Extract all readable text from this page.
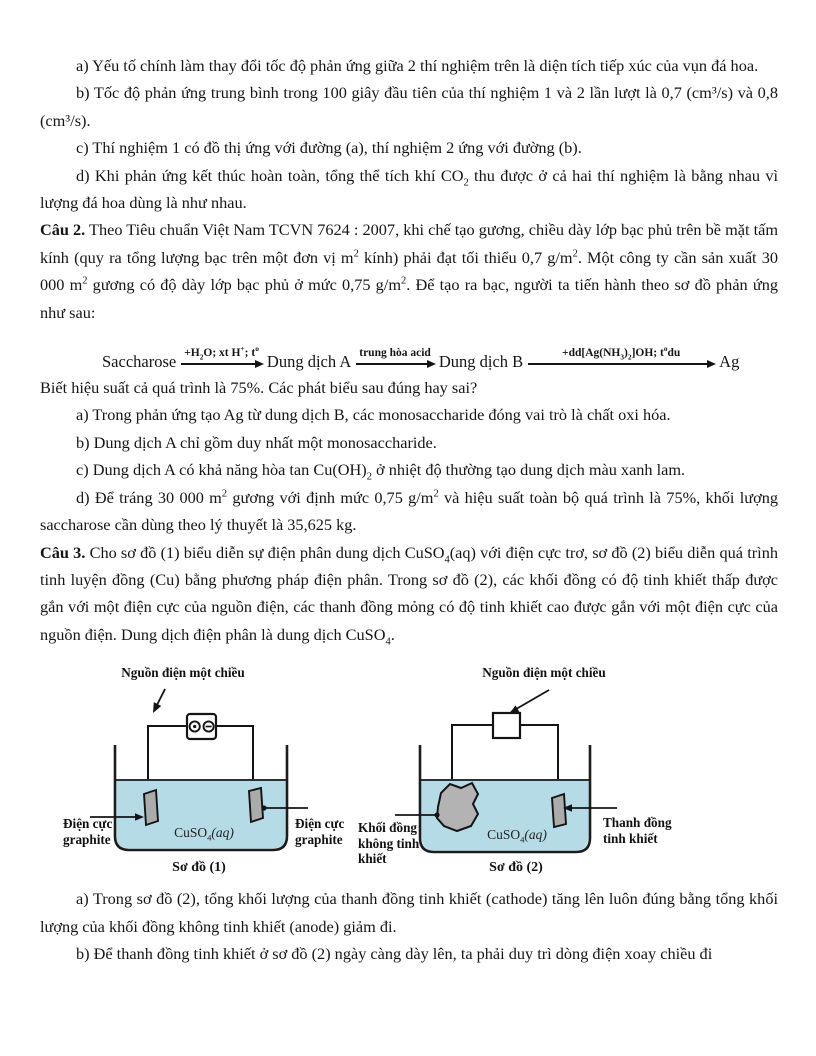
a) Yếu tố chính làm thay đổi tốc độ phản ứng giữa 2 thí nghiệm trên là diện tích tiếp xúc của vụn đá hoa.

b) Tốc độ phản ứng trung bình trong 100 giây đầu tiên của thí nghiệm 1 và 2 lần lượt là 0,7 (cm³/s) và 0,8 (cm³/s).

c) Thí nghiệm 1 có đồ thị ứng với đường (a), thí nghiệm 2 ứng với đường (b).

d) Khi phản ứng kết thúc hoàn toàn, tổng thể tích khí $CO_2$ thu được ở cả hai thí nghiệm là bằng nhau vì lượng đá hoa dùng là như nhau.

Câu 2. Theo Tiêu chuẩn Việt Nam TCVN 7624 : 2007, khi chế tạo gương, chiều dày lớp bạc phủ trên bề mặt tấm kính (quy ra tổng lượng bạc trên một đơn vị $m^2$ kính) phải đạt tối thiểu 0,7 $g/m^2$. Một công ty cần sản xuất 30 000 $m^2$ gương có độ dày lớp bạc phủ ở mức 0,75 $g/m^2$. Để tạo ra bạc, người ta tiến hành theo sơ đồ phản ứng như sau:

Saccharose $+H_2O$; xt H+; $t^o$
Dung dịch A trung hòa acid Dung dịch B	$+dd[Ag(NH_3)_2]OH$; $t^odu$ Ag

Biết hiệu suất cả quá trình là 75%. Các phát biểu sau đúng hay sai?

a) Trong phản ứng tạo Ag từ dung dịch B, các monosaccharide đóng vai trò là chất oxi hóa.

b) Dung dịch A chỉ gồm duy nhất một monosaccharide.

c) Dung dịch A có khả năng hòa $\tan Cu(OH)_2$ ở nhiệt độ thường tạo dung dịch màu xanh lam.

d) Để tráng 30 000 $m^2$ gương với định mức 0,75 $g/m^2$ và hiệu suất toàn bộ quá trình là 75%, khối lượng saccharose cần dùng theo lý thuyết là 35,625 kg.

Câu 3. Cho sơ đồ (1) biểu diễn sự điện phân dung dịch CuSO$_4$(aq) với điện cực trơ, sơ đồ (2) biểu diễn quá trình tinh luyện đồng (Cu) bằng phương pháp điện phân. Trong sơ đồ (2), các khối đồng có độ tinh khiết thấp được gắn với một điện cực của nguồn điện, các thanh đồng mỏng có độ tinh khiết cao được gắn với một điện cực của nguồn điện. Dung dịch điện phân là dung dịch CuSO$_4$.

Nguồn điện một chiều
Điện cực
graphite
Điện cực
graphite
CuSO$_4$(aq)
Sơ đồ (1)
Nguồn điện một chiều
Khối đồng
không tinh
khiết
Thanh đồng
tinh khiết
CuSO$_4$(aq)
Sơ đồ (2)

a) Trong sơ đồ (2), tổng khối lượng của thanh đồng tinh khiết (cathode) tăng lên luôn đúng bằng tổng khối lượng của khối đồng không tinh khiết (anode) giảm đi.

b) Để thanh đồng tinh khiết ở sơ đồ (2) ngày càng dày lên, ta phải duy trì dòng điện xoay chiều đi
